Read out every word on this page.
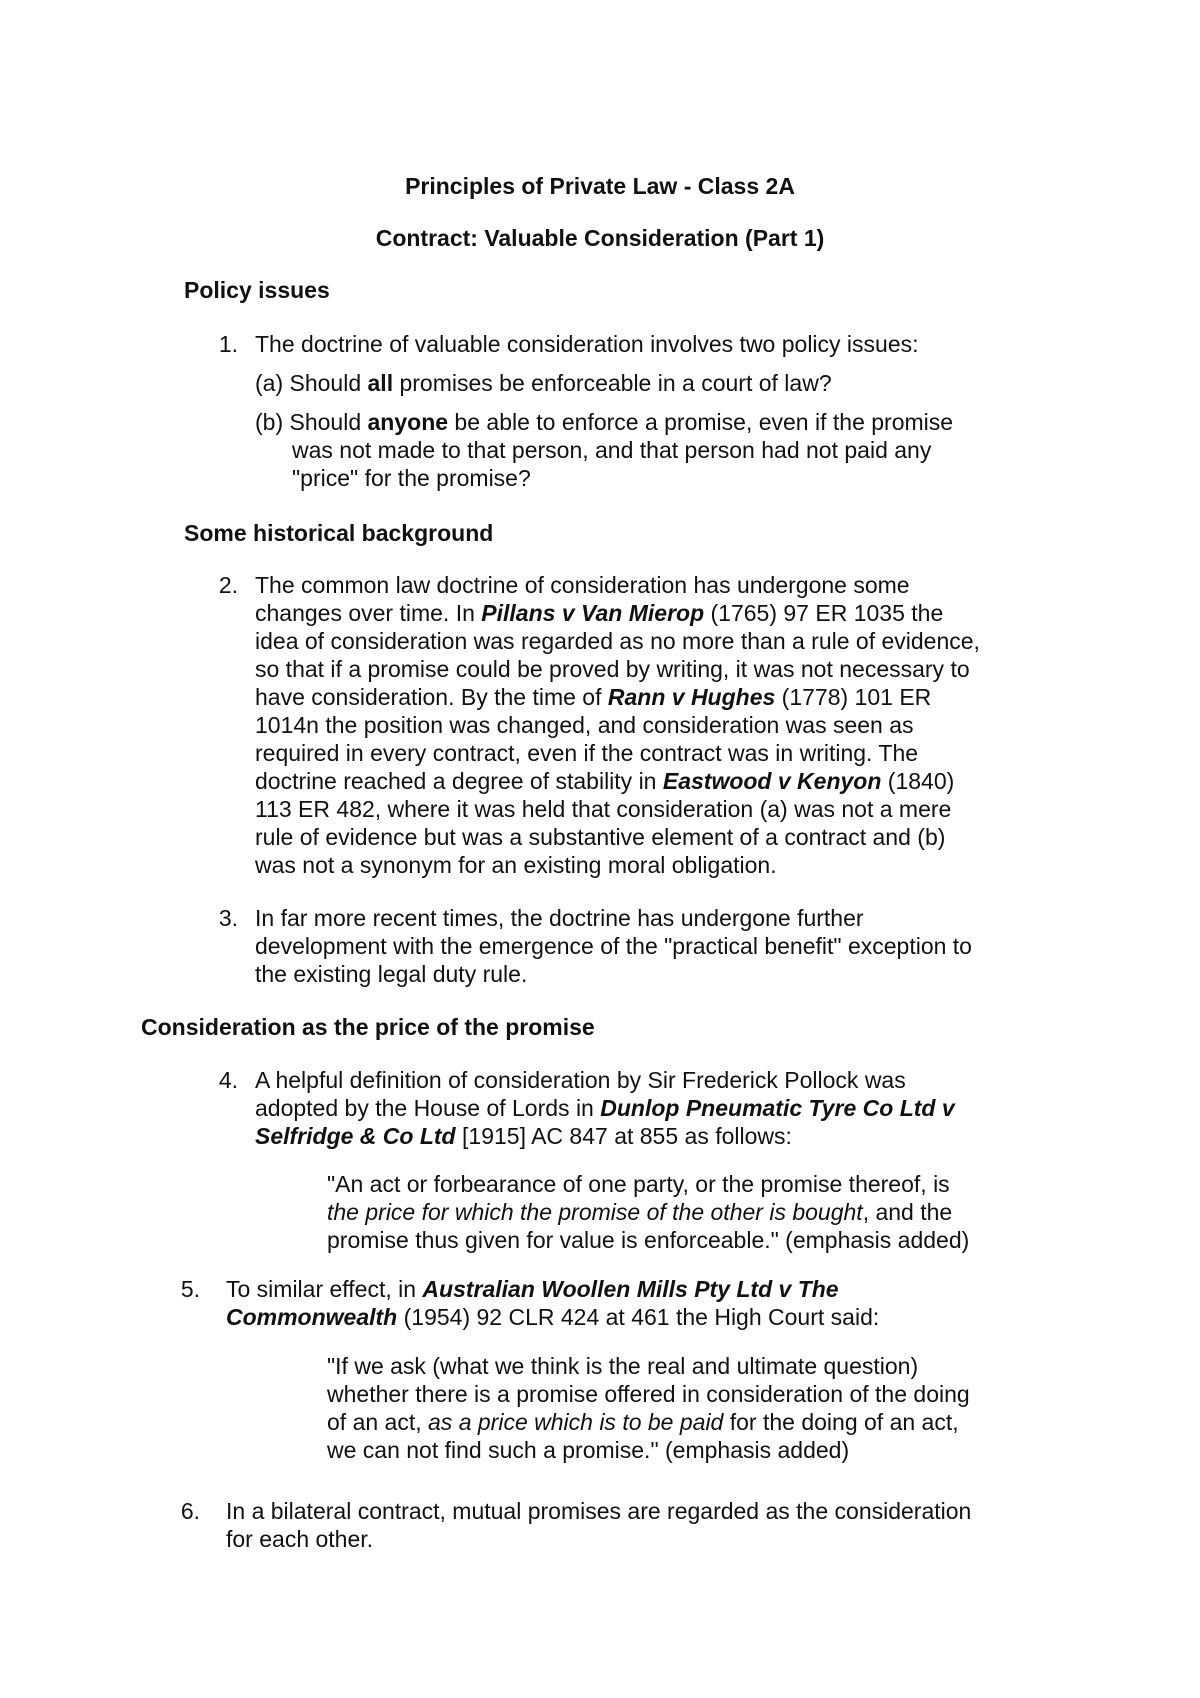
Principles of Private Law - Class 2A
Contract: Valuable Consideration (Part 1)
Policy issues
1. The doctrine of valuable consideration involves two policy issues:
(a) Should all promises be enforceable in a court of law?
(b) Should anyone be able to enforce a promise, even if the promise
was not made to that person, and that person had not paid any
"price" for the promise?
Some historical background
2. The common law doctrine of consideration has undergone some
changes over time. In Pillans v Van Mierop (1765) 97 ER 1035 the
idea of consideration was regarded as no more than a rule of evidence,
so that if a promise could be proved by writing, it was not necessary to
have consideration. By the time of Rann v Hughes (1778) 101 ER
1014n the position was changed, and consideration was seen as
required in every contract, even if the contract was in writing. The
doctrine reached a degree of stability in Eastwood v Kenyon (1840)
113 ER 482, where it was held that consideration (a) was not a mere
rule of evidence but was a substantive element of a contract and (b)
was not a synonym for an existing moral obligation.
3. In far more recent times, the doctrine has undergone further
development with the emergence of the "practical benefit" exception to
the existing legal duty rule.
Consideration as the price of the promise
4. A helpful definition of consideration by Sir Frederick Pollock was
adopted by the House of Lords in Dunlop Pneumatic Tyre Co Ltd v
Selfridge & Co Ltd [1915] AC 847 at 855 as follows:
"An act or forbearance of one party, or the promise thereof, is
the price for which the promise of the other is bought, and the
promise thus given for value is enforceable." (emphasis added)
5. To similar effect, in Australian Woollen Mills Pty Ltd v The
Commonwealth (1954) 92 CLR 424 at 461 the High Court said:
"If we ask (what we think is the real and ultimate question)
whether there is a promise offered in consideration of the doing
of an act, as a price which is to be paid for the doing of an act,
we can not find such a promise." (emphasis added)
6. In a bilateral contract, mutual promises are regarded as the consideration
for each other.
